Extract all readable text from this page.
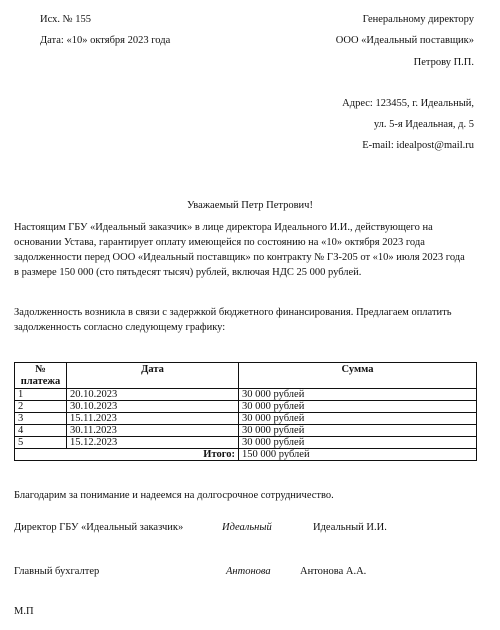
Исх. № 155
Дата: «10» октября 2023 года
Генеральному директору
ООО «Идеальный поставщик»
Петрову П.П.
Адрес: 123455, г. Идеальный,
ул. 5-я Идеальная, д. 5
E-mail: idealpost@mail.ru
Уважаемый Петр Петрович!
Настоящим ГБУ «Идеальный заказчик» в лице директора Идеального И.И., действующего на
основании Устава, гарантирует оплату имеющейся по состоянию на «10» октября 2023 года
задолженности перед ООО «Идеальный поставщик» по контракту № ГЗ-205 от «10» июля 2023 года
в размере 150 000 (сто пятьдесят тысяч) рублей, включая НДС 25 000 рублей.
Задолженность возникла в связи с задержкой бюджетного финансирования. Предлагаем оплатить
задолженность согласно следующему графику:
№ платежа	Дата	Сумма
1	20.10.2023	30 000 рублей
2	30.10.2023	30 000 рублей
3	15.11.2023	30 000 рублей
4	30.11.2023	30 000 рублей
5	15.12.2023	30 000 рублей
Итого:		150 000 рублей
Благодарим за понимание и надеемся на долгосрочное сотрудничество.
Директор ГБУ «Идеальный заказчик»	Идеальный	Идеальный И.И.
Главный бухгалтер	Антонова	Антонова А.А.
М.П
